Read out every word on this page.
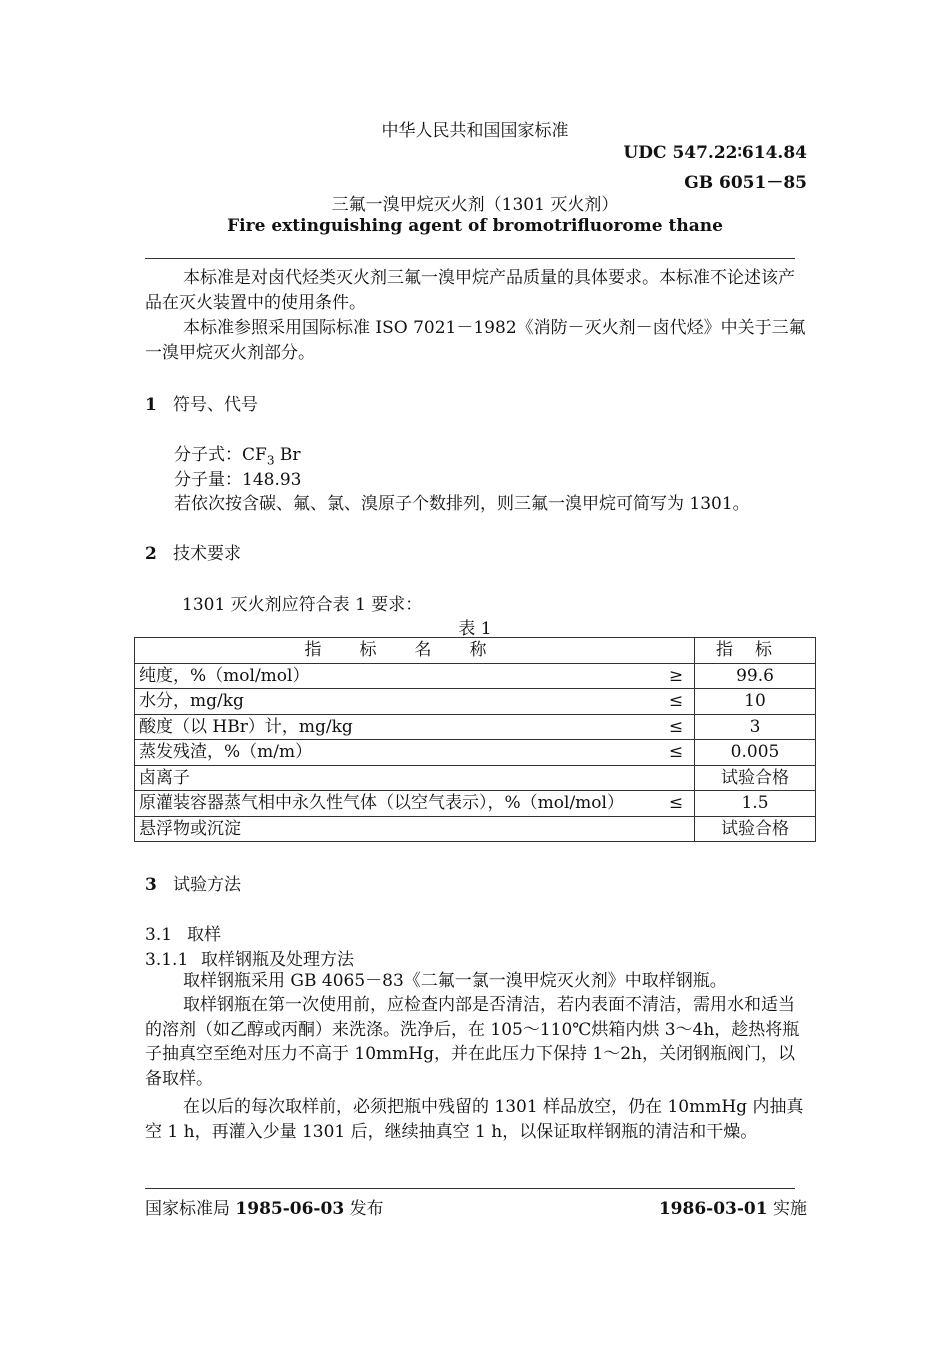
中华人民共和国国家标准
UDC 547.22∶614.84
GB 6051－85
三氟一溴甲烷灭火剂（1301 灭火剂）
Fire extinguishing agent of bromotrifluorome thane
本标准是对卤代烃类灭火剂三氟一溴甲烷产品质量的具体要求。本标准不论述该产品在灭火装置中的使用条件。
本标准参照采用国际标准 ISO 7021－1982《消防－灭火剂－卤代烃》中关于三氟一溴甲烷灭火剂部分。
1 符号、代号
分子式：$CF_3$ Br
分子量：148.93
若依次按含碳、氟、氯、溴原子个数排列，则三氟一溴甲烷可简写为 1301。
2 技术要求
1301 灭火剂应符合表 1 要求：
表 1
指标名称		指标
纯度，%（mol/mol）	≥	99.6
水分，mg/kg	≤	10
酸度（以 HBr）计，mg/kg	≤	3
蒸发残渣，%（m/m）	≤	0.005
卤离子		试验合格
原灌装容器蒸气相中永久性气体（以空气表示），%（mol/mol）	≤	1.5
悬浮物或沉淀		试验合格
3 试验方法
3.1 取样
3.1.1 取样钢瓶及处理方法
取样钢瓶采用 GB 4065－83《二氟一氯一溴甲烷灭火剂》中取样钢瓶。
取样钢瓶在第一次使用前，应检查内部是否清洁，若内表面不清洁，需用水和适当的溶剂（如乙醇或丙酮）来洗涤。洗净后，在 105～110℃烘箱内烘 3～4h，趁热将瓶子抽真空至绝对压力不高于 10mmHg，并在此压力下保持 1～2h，关闭钢瓶阀门，以备取样。
在以后的每次取样前，必须把瓶中残留的 1301 样品放空，仍在 10mmHg 内抽真空 1 h，再灌入少量 1301 后，继续抽真空 1 h，以保证取样钢瓶的清洁和干燥。
国家标准局 1985-06-03 发布	1986-03-01 实施
